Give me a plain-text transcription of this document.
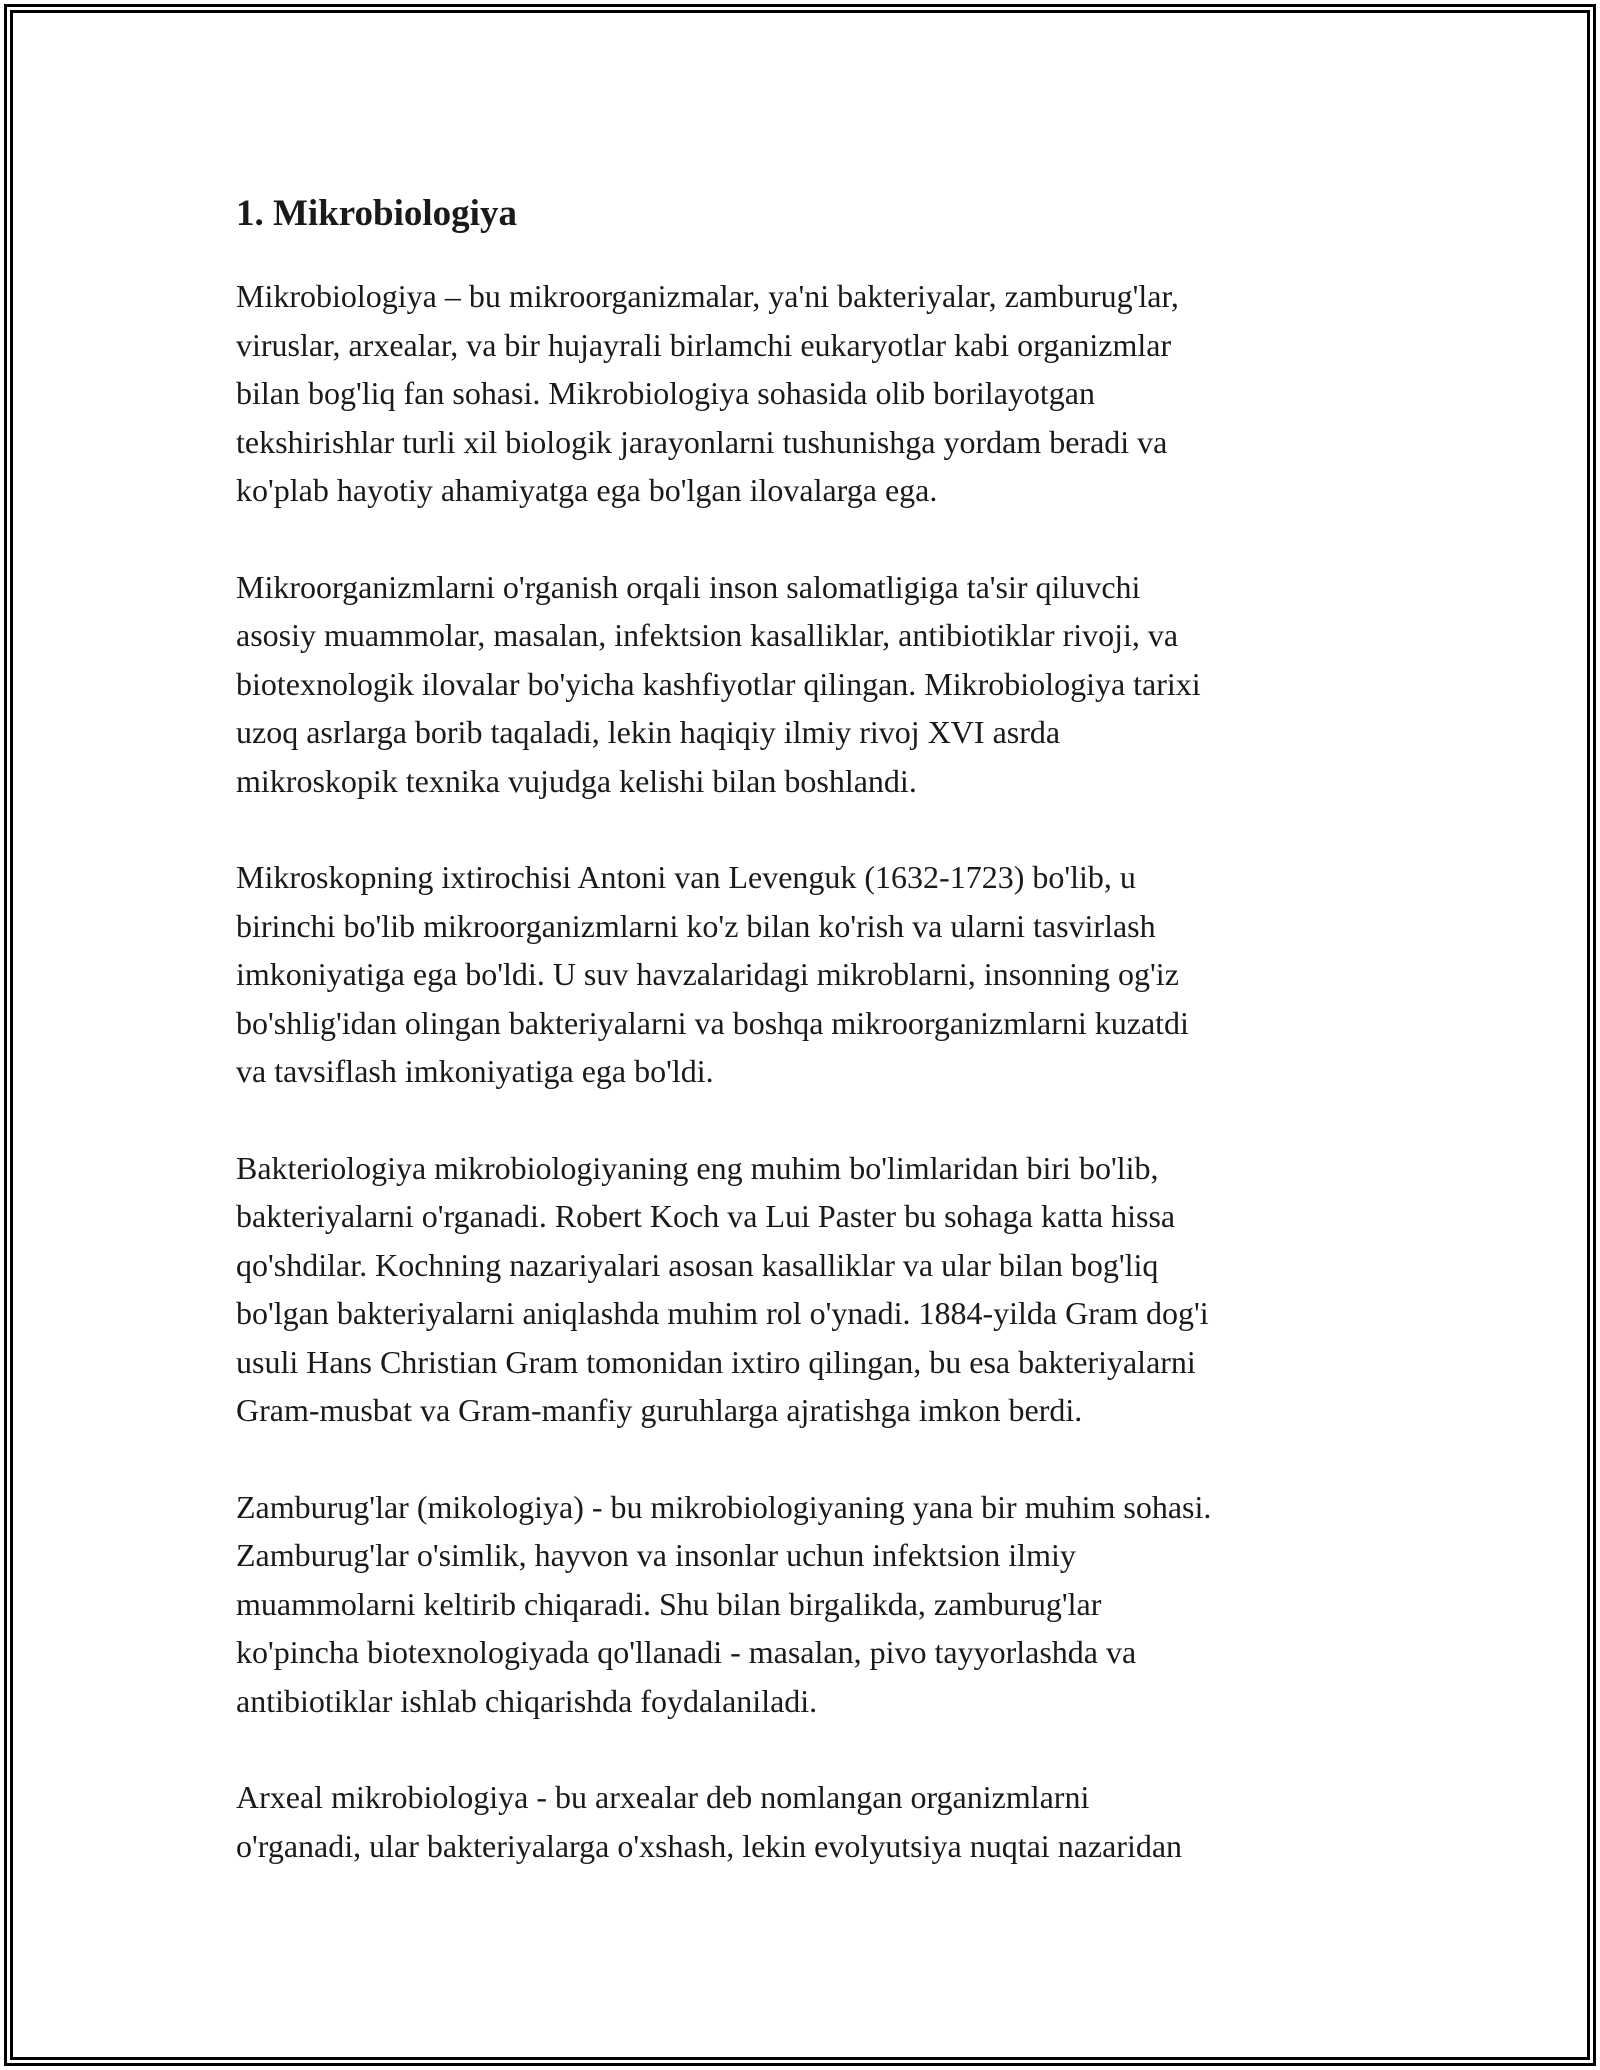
1. Mikrobiologiya

Mikrobiologiya – bu mikroorganizmalar, ya'ni bakteriyalar, zamburug'lar,
viruslar, arxealar, va bir hujayrali birlamchi eukaryotlar kabi organizmlar
bilan bog'liq fan sohasi. Mikrobiologiya sohasida olib borilayotgan
tekshirishlar turli xil biologik jarayonlarni tushunishga yordam beradi va
ko'plab hayotiy ahamiyatga ega bo'lgan ilovalarga ega.

Mikroorganizmlarni o'rganish orqali inson salomatligiga ta'sir qiluvchi
asosiy muammolar, masalan, infektsion kasalliklar, antibiotiklar rivoji, va
biotexnologik ilovalar bo'yicha kashfiyotlar qilingan. Mikrobiologiya tarixi
uzoq asrlarga borib taqaladi, lekin haqiqiy ilmiy rivoj XVI asrda
mikroskopik texnika vujudga kelishi bilan boshlandi.

Mikroskopning ixtirochisi Antoni van Levenguk (1632-1723) bo'lib, u
birinchi bo'lib mikroorganizmlarni ko'z bilan ko'rish va ularni tasvirlash
imkoniyatiga ega bo'ldi. U suv havzalaridagi mikroblarni, insonning og'iz
bo'shlig'idan olingan bakteriyalarni va boshqa mikroorganizmlarni kuzatdi
va tavsiflash imkoniyatiga ega bo'ldi.

Bakteriologiya mikrobiologiyaning eng muhim bo'limlaridan biri bo'lib,
bakteriyalarni o'rganadi. Robert Koch va Lui Paster bu sohaga katta hissa
qo'shdilar. Kochning nazariyalari asosan kasalliklar va ular bilan bog'liq
bo'lgan bakteriyalarni aniqlashda muhim rol o'ynadi. 1884-yilda Gram dog'i
usuli Hans Christian Gram tomonidan ixtiro qilingan, bu esa bakteriyalarni
Gram-musbat va Gram-manfiy guruhlarga ajratishga imkon berdi.

Zamburug'lar (mikologiya) - bu mikrobiologiyaning yana bir muhim sohasi.
Zamburug'lar o'simlik, hayvon va insonlar uchun infektsion ilmiy
muammolarni keltirib chiqaradi. Shu bilan birgalikda, zamburug'lar
ko'pincha biotexnologiyada qo'llanadi - masalan, pivo tayyorlashda va
antibiotiklar ishlab chiqarishda foydalaniladi.

Arxeal mikrobiologiya - bu arxealar deb nomlangan organizmlarni
o'rganadi, ular bakteriyalarga o'xshash, lekin evolyutsiya nuqtai nazaridan
